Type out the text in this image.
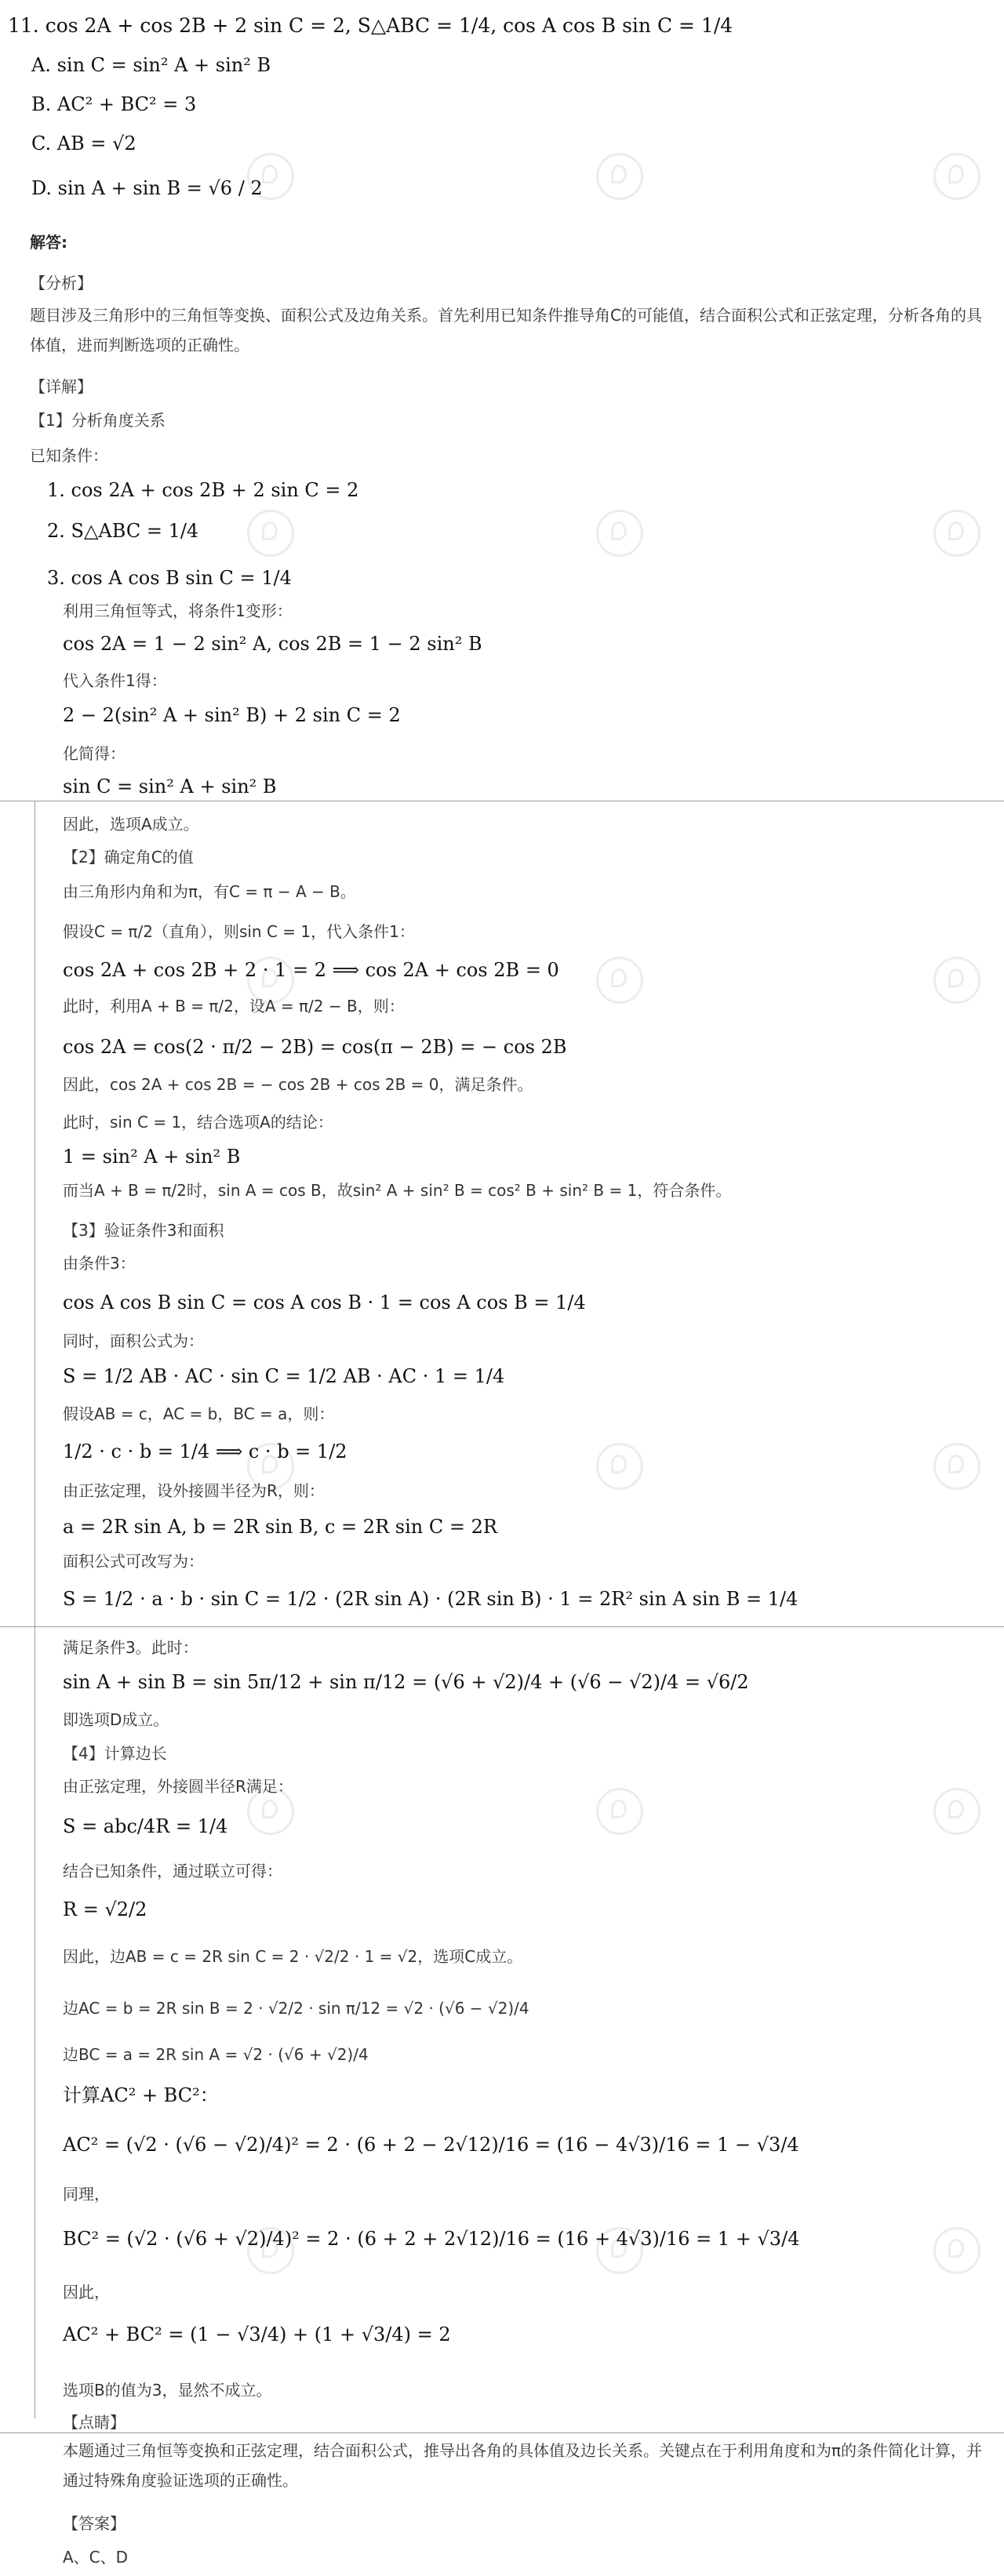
11. cos 2A + cos 2B + 2 sin C = 2, S△ABC = 1/4, cos A cos B sin C = 1/4
A. sin C = sin² A + sin² B
B. AC² + BC² = 3
C. AB = √2
D. sin A + sin B = √6 / 2
解答:
【分析】
题目涉及三角形中的三角恒等变换、面积公式及边角关系。首先利用已知条件推导角C的可能值，结合面积公式和正弦定理，分析各角的具体值，进而判断选项的正确性。
【详解】
【1】分析角度关系
已知条件：
1. cos 2A + cos 2B + 2 sin C = 2
2. S△ABC = 1/4
3. cos A cos B sin C = 1/4
利用三角恒等式，将条件1变形：
cos 2A = 1 − 2 sin² A, cos 2B = 1 − 2 sin² B
代入条件1得：
2 − 2(sin² A + sin² B) + 2 sin C = 2
化简得：
sin C = sin² A + sin² B
因此，选项A成立。
【2】确定角C的值
由三角形内角和为π，有C = π − A − B。
假设C = π/2（直角），则sin C = 1，代入条件1：
cos 2A + cos 2B + 2 · 1 = 2 ⟹ cos 2A + cos 2B = 0
此时，利用A + B = π/2，设A = π/2 − B，则：
cos 2A = cos(2 · π/2 − 2B) = cos(π − 2B) = − cos 2B
因此，cos 2A + cos 2B = − cos 2B + cos 2B = 0，满足条件。
此时，sin C = 1，结合选项A的结论：
1 = sin² A + sin² B
而当A + B = π/2时，sin A = cos B，故sin² A + sin² B = cos² B + sin² B = 1，符合条件。
【3】验证条件3和面积
由条件3：
cos A cos B sin C = cos A cos B · 1 = cos A cos B = 1/4
同时，面积公式为：
S = 1/2 AB · AC · sin C = 1/2 AB · AC · 1 = 1/4
假设AB = c，AC = b，BC = a，则：
1/2 · c · b = 1/4 ⟹ c · b = 1/2
由正弦定理，设外接圆半径为R，则：
a = 2R sin A, b = 2R sin B, c = 2R sin C = 2R
面积公式可改写为：
S = 1/2 · a · b · sin C = 1/2 · (2R sin A) · (2R sin B) · 1 = 2R² sin A sin B = 1/4
满足条件3。此时：
sin A + sin B = sin 5π/12 + sin π/12 = (√6 + √2)/4 + (√6 − √2)/4 = √6/2
即选项D成立。
【4】计算边长
由正弦定理，外接圆半径R满足：
S = abc/4R = 1/4
结合已知条件，通过联立可得：
R = √2/2
因此，边AB = c = 2R sin C = 2 · √2/2 · 1 = √2，选项C成立。
边AC = b = 2R sin B = 2 · √2/2 · sin π/12 = √2 · (√6 − √2)/4
边BC = a = 2R sin A = √2 · (√6 + √2)/4
计算AC² + BC²：
AC² = (√2 · (√6 − √2)/4)² = 2 · (6 + 2 − 2√12)/16 = (16 − 4√3)/16 = 1 − √3/4
同理，
BC² = (√2 · (√6 + √2)/4)² = 2 · (6 + 2 + 2√12)/16 = (16 + 4√3)/16 = 1 + √3/4
因此，
AC² + BC² = (1 − √3/4) + (1 + √3/4) = 2
选项B的值为3，显然不成立。
【点睛】
本题通过三角恒等变换和正弦定理，结合面积公式，推导出各角的具体值及边长关系。关键点在于利用角度和为π的条件简化计算，并通过特殊角度验证选项的正确性。
【答案】
A、C、D
